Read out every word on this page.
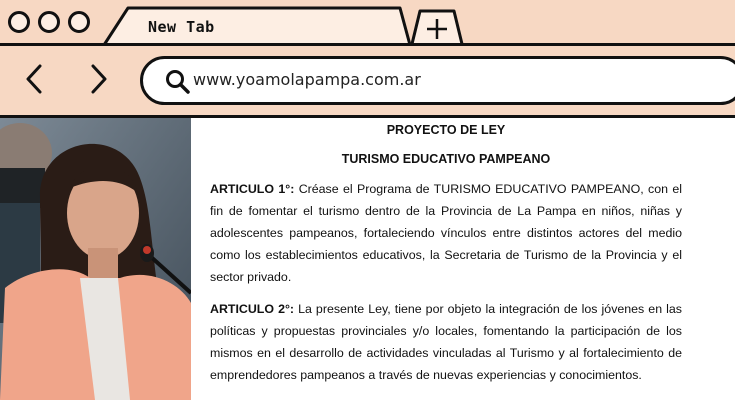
New Tab
www.yoamolapampa.com.ar
PROYECTO DE LEY
TURISMO EDUCATIVO PAMPEANO

ARTICULO 1°: Créase el Programa de TURISMO EDUCATIVO PAMPEANO, con el fin de fomentar el turismo dentro de la Provincia de La Pampa en niños, niñas y adolescentes pampeanos, fortaleciendo vínculos entre distintos actores del medio como los establecimientos educativos, la Secretaria de Turismo de la Provincia y el sector privado.

ARTICULO 2°: La presente Ley, tiene por objeto la integración de los jóvenes en las políticas y propuestas provinciales y/o locales, fomentando la participación de los mismos en el desarrollo de actividades vinculadas al Turismo y al fortalecimiento de emprendedores pampeanos a través de nuevas experiencias y conocimientos.
